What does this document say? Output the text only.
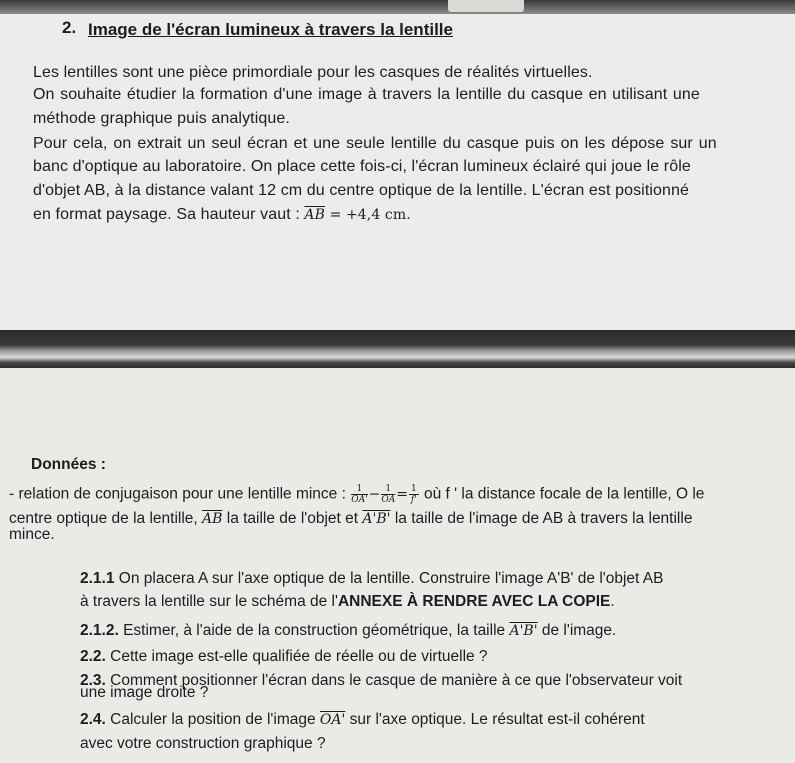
2. Image de l'écran lumineux à travers la lentille
Les lentilles sont une pièce primordiale pour les casques de réalités virtuelles.
On souhaite étudier la formation d'une image à travers la lentille du casque en utilisant une
méthode graphique puis analytique.
Pour cela, on extrait un seul écran et une seule lentille du casque puis on les dépose sur un
banc d'optique au laboratoire. On place cette fois-ci, l'écran lumineux éclairé qui joue le rôle
d'objet AB, à la distance valant 12 cm du centre optique de la lentille. L'écran est positionné
en format paysage. Sa hauteur vaut : $\overline{AB} = +4,4$ cm.
Données :
- relation de conjugaison pour une lentille mince : $\frac{1}{OA'} - \frac{1}{OA} = \frac{1}{f'}$ où f ' la distance focale de la lentille, O le
centre optique de la lentille, $\overline{AB}$ la taille de l'objet et A'B' la taille de l'image de AB à travers la lentille
mince.
2.1.1 On placera A sur l'axe optique de la lentille. Construire l'image A'B' de l'objet AB
à travers la lentille sur le schéma de l'ANNEXE À RENDRE AVEC LA COPIE.
2.1.2. Estimer, à l'aide de la construction géométrique, la taille A'B' de l'image.
2.2. Cette image est-elle qualifiée de réelle ou de virtuelle ?
2.3. Comment positionner l'écran dans le casque de manière à ce que l'observateur voit
une image droite ?
2.4. Calculer la position de l'image OA' sur l'axe optique. Le résultat est-il cohérent
avec votre construction graphique ?
